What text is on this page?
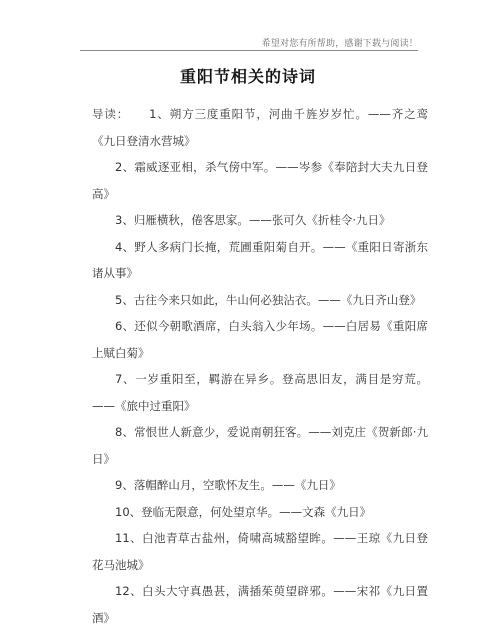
希望对您有所帮助，感谢下载与阅读！
重阳节相关的诗词

导读： 1、朔方三度重阳节，河曲千旌岁岁忙。——齐之鸾《九日登清水营城》

2、霜威逐亚相，杀气傍中军。——岑参《奉陪封大夫九日登高》

3、归雁横秋，倦客思家。——张可久《折桂令·九日》

4、野人多病门长掩，荒圃重阳菊自开。——《重阳日寄浙东诸从事》

5、古往今来只如此，牛山何必独沾衣。——《九日齐山登》

6、还似今朝歌酒席，白头翁入少年场。——白居易《重阳席上赋白菊》

7、一岁重阳至，羁游在异乡。登高思旧友，满目是穷荒。——《旅中过重阳》

8、常恨世人新意少，爱说南朝狂客。——刘克庄《贺新郎·九日》

9、落帽醉山月，空歌怀友生。——《九日》

10、登临无限意，何处望京华。——文森《九日》

11、白池青草古盐州，倚啸高城豁望眸。——王琼《九日登花马池城》

12、白头大守真愚甚，满插茱萸望辟邪。——宋祁《九日置酒》
